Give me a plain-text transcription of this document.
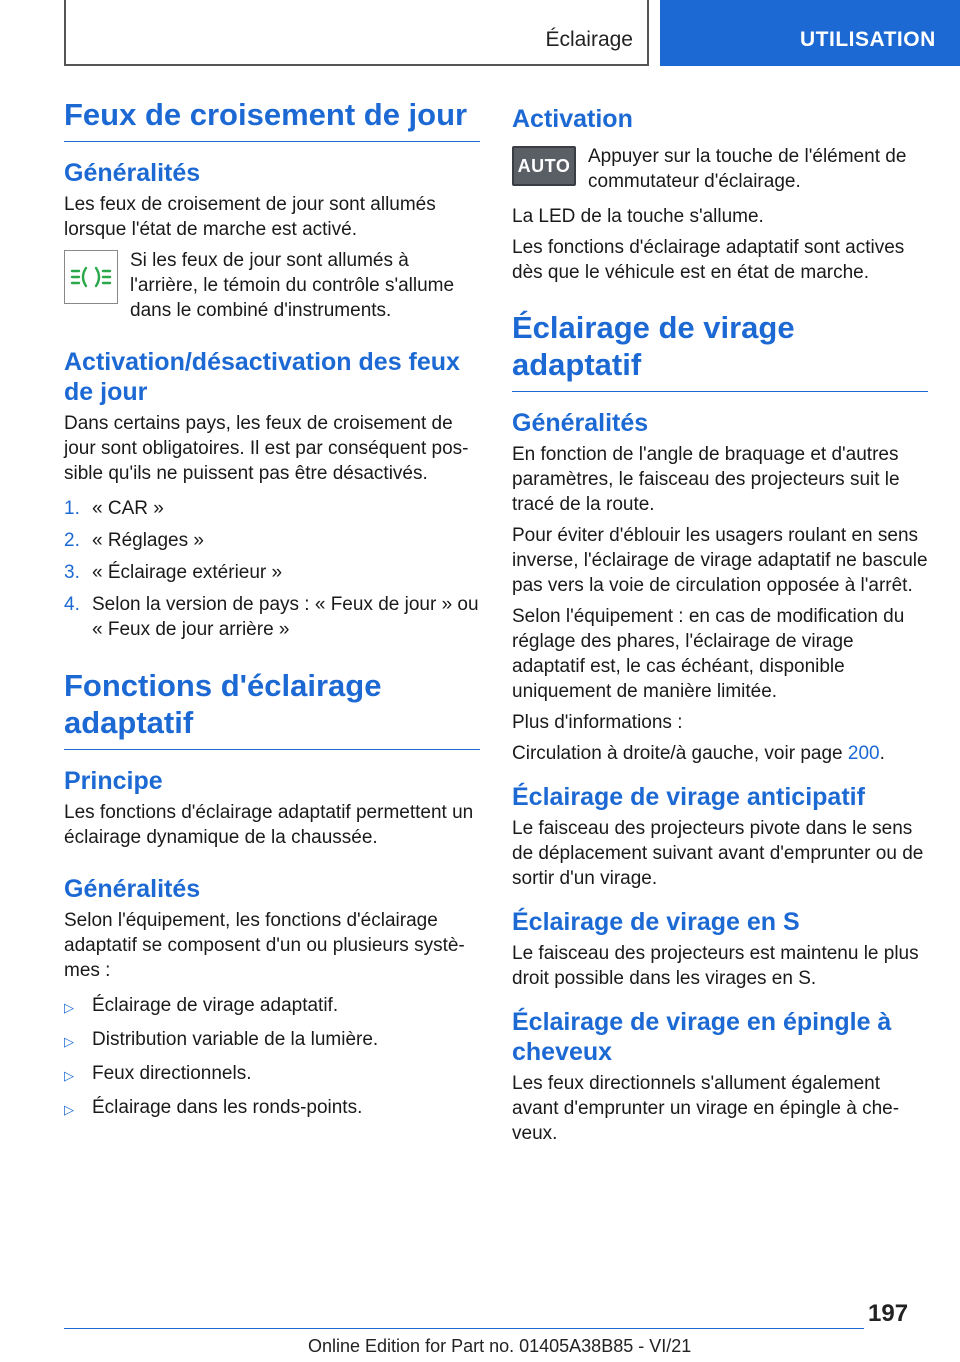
Éclairage	UTILISATION
Feux de croisement de jour
Généralités

Les feux de croisement de jour sont allumés lorsque l'état de marche est activé.

Si les feux de jour sont allumés à l'arrière, le témoin du contrôle s'allume dans le combiné d'instruments.
Activation/désactivation des feux de jour

Dans certains pays, les feux de croisement de jour sont obligatoires. Il est par conséquent pos‐sible qu'ils ne puissent pas être désactivés.

1. « CAR »
2. « Réglages »
3. « Éclairage extérieur »
4. Selon la version de pays : « Feux de jour » ou « Feux de jour arrière »
Fonctions d'éclairage adaptatif
Principe

Les fonctions d'éclairage adaptatif permettent un éclairage dynamique de la chaussée.

Généralités

Selon l'équipement, les fonctions d'éclairage adaptatif se composent d'un ou plusieurs systè‐mes :

▷ Éclairage de virage adaptatif.
▷ Distribution variable de la lumière.
▷ Feux directionnels.
▷ Éclairage dans les ronds-points.
Activation
AUTO Appuyer sur la touche de l'élément de commutateur d'éclairage.

La LED de la touche s'allume.

Les fonctions d'éclairage adaptatif sont actives dès que le véhicule est en état de marche.

Éclairage de virage adaptatif
Généralités

En fonction de l'angle de braquage et d'autres paramètres, le faisceau des projecteurs suit le tracé de la route.

Pour éviter d'éblouir les usagers roulant en sens inverse, l'éclairage de virage adaptatif ne bascule pas vers la voie de circulation opposée à l'arrêt.

Selon l'équipement : en cas de modification du réglage des phares, l'éclairage de virage adaptatif est, le cas échéant, disponible uniquement de manière limitée.

Plus d'informations :

Circulation à droite/à gauche, voir page 200.

Éclairage de virage anticipatif

Le faisceau des projecteurs pivote dans le sens de déplacement suivant avant d'emprunter ou de sortir d'un virage.

Éclairage de virage en S

Le faisceau des projecteurs est maintenu le plus droit possible dans les virages en S.

Éclairage de virage en épingle à cheveux

Les feux directionnels s'allument également avant d'emprunter un virage en épingle à che‐veux.

197
Online Edition for Part no. 01405A38B85 - VI/21
